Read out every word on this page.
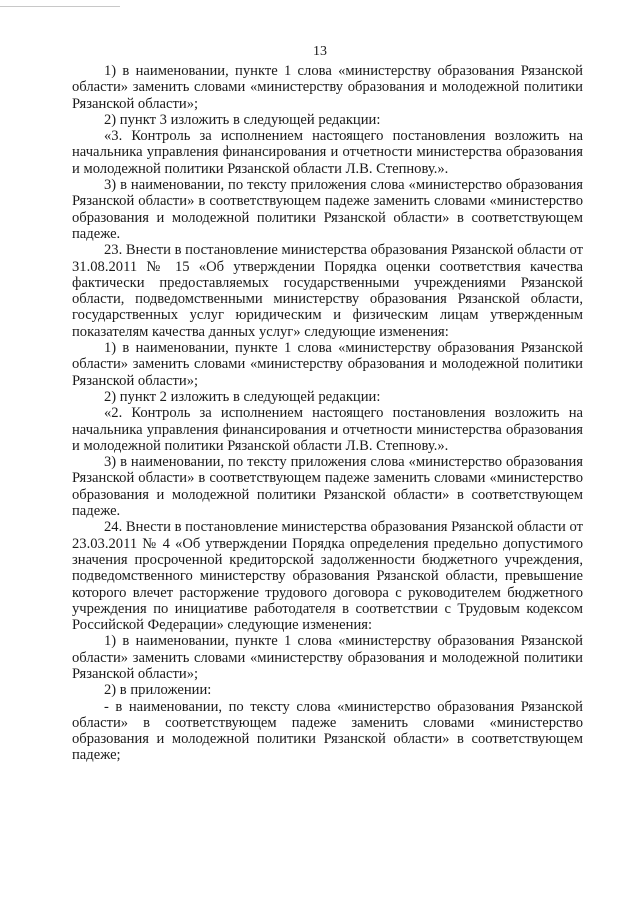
13

1) в наименовании, пункте 1 слова «министерству образования Рязанской области» заменить словами «министерству образования и молодежной политики Рязанской области»;

2) пункт 3 изложить в следующей редакции:

«3. Контроль за исполнением настоящего постановления возложить на начальника управления финансирования и отчетности министерства образования и молодежной политики Рязанской области Л.В. Степнову.».

3) в наименовании, по тексту приложения слова «министерство образования Рязанской области» в соответствующем падеже заменить словами «министерство образования и молодежной политики Рязанской области» в соответствующем падеже.

23. Внести в постановление министерства образования Рязанской области от 31.08.2011 № 15 «Об утверждении Порядка оценки соответствия качества фактически предоставляемых государственными учреждениями Рязанской области, подведомственными министерству образования Рязанской области, государственных услуг юридическим и физическим лицам утвержденным показателям качества данных услуг» следующие изменения:

1) в наименовании, пункте 1 слова «министерству образования Рязанской области» заменить словами «министерству образования и молодежной политики Рязанской области»;

2) пункт 2 изложить в следующей редакции:

«2. Контроль за исполнением настоящего постановления возложить на начальника управления финансирования и отчетности министерства образования и молодежной политики Рязанской области Л.В. Степнову.».

3) в наименовании, по тексту приложения слова «министерство образования Рязанской области» в соответствующем падеже заменить словами «министерство образования и молодежной политики Рязанской области» в соответствующем падеже.

24. Внести в постановление министерства образования Рязанской области от 23.03.2011 № 4 «Об утверждении Порядка определения предельно допустимого значения просроченной кредиторской задолженности бюджетного учреждения, подведомственного министерству образования Рязанской области, превышение которого влечет расторжение трудового договора с руководителем бюджетного учреждения по инициативе работодателя в соответствии с Трудовым кодексом Российской Федерации» следующие изменения:

1) в наименовании, пункте 1 слова «министерству образования Рязанской области» заменить словами «министерству образования и молодежной политики Рязанской области»;

2) в приложении:

- в наименовании, по тексту слова «министерство образования Рязанской области» в соответствующем падеже заменить словами «министерство образования и молодежной политики Рязанской области» в соответствующем падеже;
